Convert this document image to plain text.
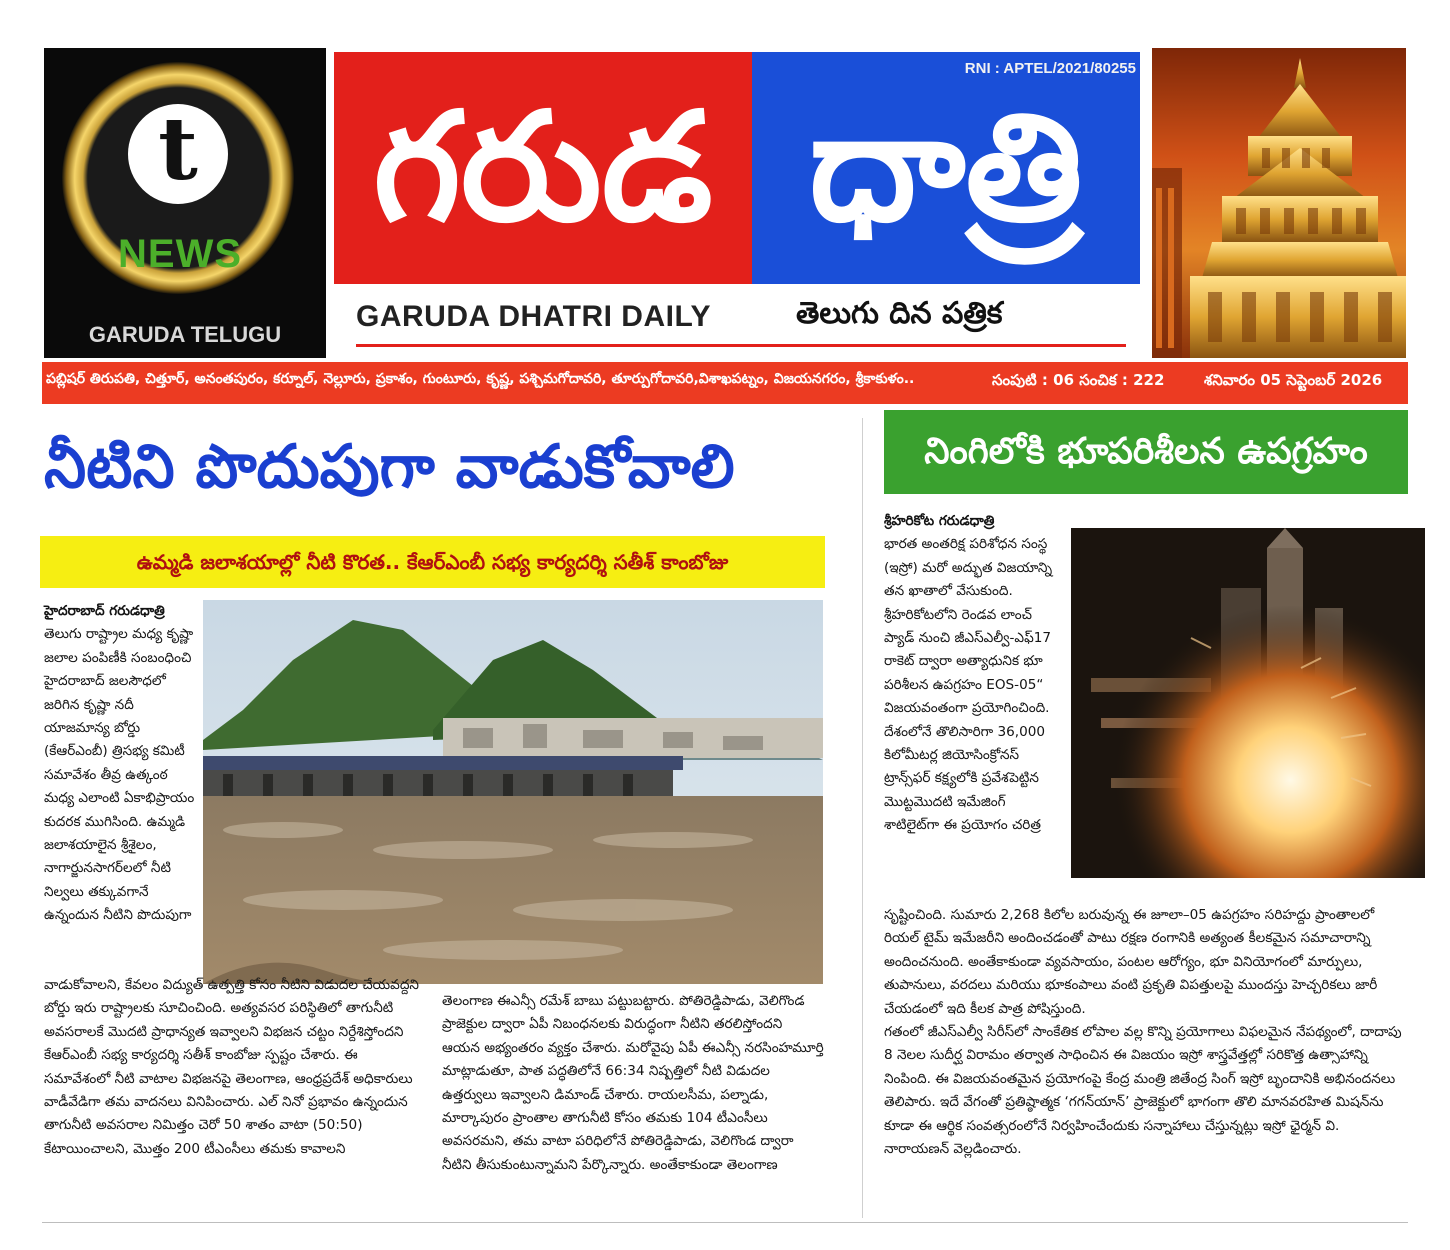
t
NEWS
GARUDA TELUGU
గరుడ ధాత్రి
RNI : APTEL/2021/80255
GARUDA DHATRI DAILY	తెలుగు దిన పత్రిక
పబ్లిషర్ తిరుపతి, చిత్తూర్, అనంతపురం, కర్నూల్, నెల్లూరు, ప్రకాశం, గుంటూరు, కృష్ణ, పశ్చిమగోదావరి, తూర్పుగోదావరి,విశాఖపట్నం, విజయనగరం, శ్రీకాకుళం..	సంపుటి : 06 సంచిక : 222	శనివారం 05 సెప్టెంబర్ 2026
నీటిని పొదుపుగా వాడుకోవాలి
ఉమ్మడి జలాశయాల్లో నీటి కొరత.. కేఆర్ఎంబీ సభ్య కార్యదర్శి సతీశ్ కాంబోజు
హైదరాబాద్ గరుడధాత్రి
తెలుగు రాష్ట్రాల మధ్య కృష్ణా జలాల పంపిణీకి సంబంధించి హైదరాబాద్ జలసౌధలో జరిగిన కృష్ణా నదీ యాజమాన్య బోర్డు (కేఆర్ఎంబీ) త్రిసభ్య కమిటీ సమావేశం తీవ్ర ఉత్కంఠ మధ్య ఎలాంటి ఏకాభిప్రాయం కుదరక ముగిసింది. ఉమ్మడి జలాశయాలైన శ్రీశైలం, నాగార్జునసాగర్‌లలో నీటి నిల్వలు తక్కువగానే ఉన్నందున నీటిని పొదుపుగా
వాడుకోవాలని, కేవలం విద్యుత్ ఉత్పత్తి కోసం నీటిని విడుదల చేయవద్దని బోర్డు ఇరు రాష్ట్రాలకు సూచించింది. అత్యవసర పరిస్థితిలో తాగునీటి అవసరాలకే మొదటి ప్రాధాన్యత ఇవ్వాలని విభజన చట్టం నిర్దేశిస్తోందని కేఆర్ఎంబీ సభ్య కార్యదర్శి సతీశ్ కాంబోజు స్పష్టం చేశారు. ఈ సమావేశంలో నీటి వాటాల విభజనపై తెలంగాణ, ఆంధ్రప్రదేశ్ అధికారులు వాడీవేడిగా తమ వాదనలు వినిపించారు. ఎల్ నినో ప్రభావం ఉన్నందున తాగునీటి అవసరాల నిమిత్తం చెరో 50 శాతం వాటా (50:50) కేటాయించాలని, మొత్తం 200 టీఎంసీలు తమకు కావాలని
తెలంగాణ ఈఎన్సీ రమేశ్ బాబు పట్టుబట్టారు. పోతిరెడ్డిపాడు, వెలిగొండ ప్రాజెక్టుల ద్వారా ఏపీ నిబంధనలకు విరుద్ధంగా నీటిని తరలిస్తోందని ఆయన అభ్యంతరం వ్యక్తం చేశారు. మరోవైపు ఏపీ ఈఎన్సీ నరసింహమూర్తి మాట్లాడుతూ, పాత పద్ధతిలోనే 66:34 నిష్పత్తిలో నీటి విడుదల ఉత్తర్వులు ఇవ్వాలని డిమాండ్ చేశారు. రాయలసీమ, పల్నాడు, మార్కాపురం ప్రాంతాల తాగునీటి కోసం తమకు 104 టీఎంసీలు అవసరమని, తమ వాటా పరిధిలోనే పోతిరెడ్డిపాడు, వెలిగొండ ద్వారా నీటిని తీసుకుంటున్నామని పేర్కొన్నారు. అంతేకాకుండా తెలంగాణ
నింగిలోకి భూపరిశీలన ఉపగ్రహం
శ్రీహరికోట గరుడధాత్రి
భారత అంతరిక్ష పరిశోధన సంస్థ (ఇస్రో) మరో అద్భుత విజయాన్ని తన ఖాతాలో వేసుకుంది. శ్రీహరికోటలోని రెండవ లాంచ్ ప్యాడ్ నుంచి జీఎస్ఎల్వీ-ఎఫ్17 రాకెట్ ద్వారా అత్యాధునిక భూ పరిశీలన ఉపగ్రహం EOS-05“ విజయవంతంగా ప్రయోగించింది. దేశంలోనే తొలిసారిగా 36,000 కిలోమీటర్ల జియోసింక్రోనస్ ట్రాన్స్‌ఫర్ కక్ష్యలోకి ప్రవేశపెట్టిన మొట్టమొదటి ఇమేజింగ్ శాటిలైట్‌గా ఈ ప్రయోగం చరిత్ర
సృష్టించింది. సుమారు 2,268 కిలోల బరువున్న ఈ జూలా–05 ఉపగ్రహం సరిహద్దు ప్రాంతాలలో రియల్ టైమ్ ఇమేజరీని అందించడంతో పాటు రక్షణ రంగానికి అత్యంత కీలకమైన సమాచారాన్ని అందించనుంది. అంతేకాకుండా వ్యవసాయం, పంటల ఆరోగ్యం, భూ వినియోగంలో మార్పులు, తుపానులు, వరదలు మరియు భూకంపాలు వంటి ప్రకృతి విపత్తులపై ముందస్తు హెచ్చరికలు జారీ చేయడంలో ఇది కీలక పాత్ర పోషిస్తుంది.
గతంలో జీఎస్ఎల్వీ సిరీస్‌లో సాంకేతిక లోపాల వల్ల కొన్ని ప్రయోగాలు విఫలమైన నేపథ్యంలో, దాదాపు 8 నెలల సుదీర్ఘ విరామం తర్వాత సాధించిన ఈ విజయం ఇస్రో శాస్త్రవేత్తల్లో సరికొత్త ఉత్సాహాన్ని నింపింది. ఈ విజయవంతమైన ప్రయోగంపై కేంద్ర మంత్రి జితేంద్ర సింగ్ ఇస్రో బృందానికి అభినందనలు తెలిపారు. ఇదే వేగంతో ప్రతిష్ఠాత్మక ‘గగన్‌యాన్’ ప్రాజెక్టులో భాగంగా తొలి మానవరహిత మిషన్‌ను కూడా ఈ ఆర్థిక సంవత్సరంలోనే నిర్వహించేందుకు సన్నాహాలు చేస్తున్నట్లు ఇస్రో ఛైర్మన్ వి. నారాయణన్ వెల్లడించారు.
